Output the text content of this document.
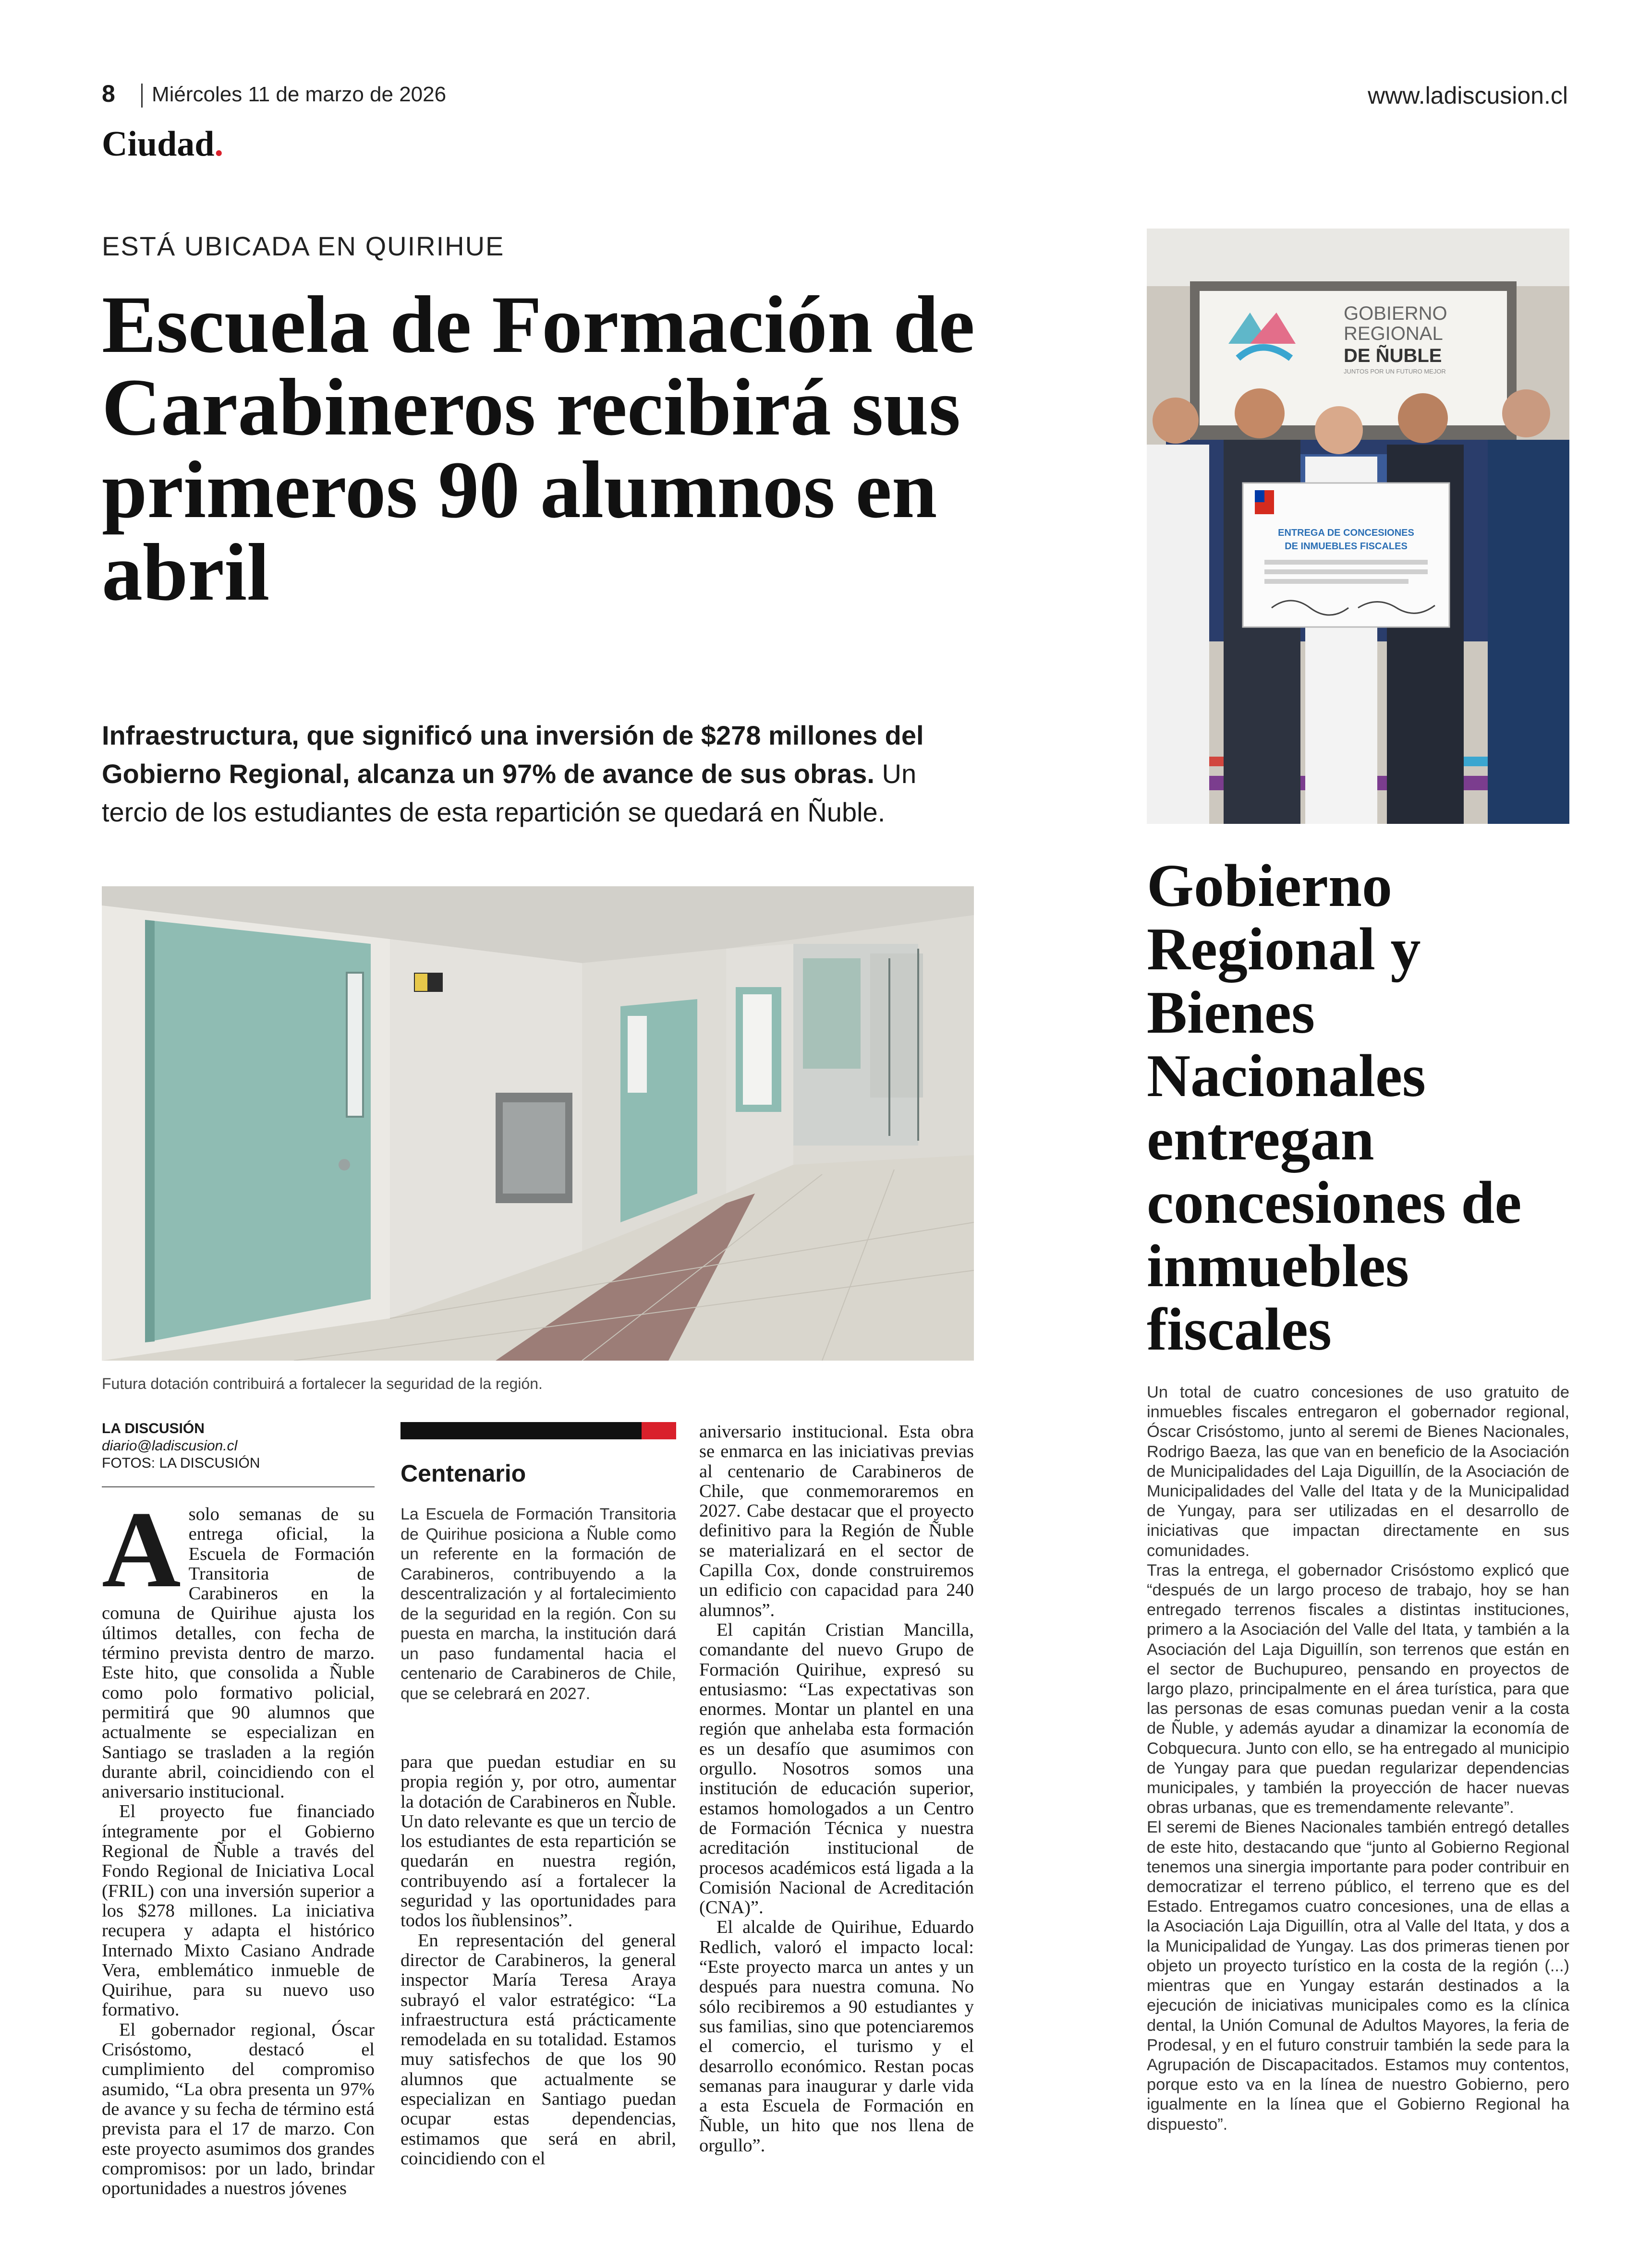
8 Miércoles 11 de marzo de 2026	www.ladiscusion.cl
Ciudad.
ESTÁ UBICADA EN QUIRIHUE
Escuela de Formación de Carabineros recibirá sus primeros 90 alumnos en abril

Infraestructura, que significó una inversión de $278 millones del Gobierno Regional, alcanza un 97% de avance de sus obras. Un tercio de los estudiantes de esta repartición se quedará en Ñuble.

Futura dotación contribuirá a fortalecer la seguridad de la región.
LA DISCUSIÓN
diario@ladiscusion.cl
FOTOS: LA DISCUSIÓN

A solo semanas de su entrega oficial, la Escuela de Formación Transitoria de Carabineros en la comuna de Quirihue ajusta los últimos detalles, con fecha de término prevista dentro de marzo. Este hito, que consolida a Ñuble como polo formativo policial, permitirá que 90 alumnos que actualmente se especializan en Santiago se trasladen a la región durante abril, coincidiendo con el aniversario institucional.

El proyecto fue financiado íntegramente por el Gobierno Regional de Ñuble a través del Fondo Regional de Iniciativa Local (FRIL) con una inversión superior a los $278 millones. La iniciativa recupera y adapta el histórico Internado Mixto Casiano Andrade Vera, emblemático inmueble de Quirihue, para su nuevo uso formativo.

El gobernador regional, Óscar Crisóstomo, destacó el cumplimiento del compromiso asumido, “La obra presenta un 97% de avance y su fecha de término está prevista para el 17 de marzo. Con este proyecto asumimos dos grandes compromisos: por un lado, brindar oportunidades a nuestros jóvenes

Centenario
La Escuela de Formación Transitoria de Quirihue posiciona a Ñuble como un referente en la formación de Carabineros, contribuyendo a la descentralización y al fortalecimiento de la seguridad en la región. Con su puesta en marcha, la institución dará un paso fundamental hacia el centenario de Carabineros de Chile, que se celebrará en 2027.

para que puedan estudiar en su propia región y, por otro, aumentar la dotación de Carabineros en Ñuble. Un dato relevante es que un tercio de los estudiantes de esta repartición se quedarán en nuestra región, contribuyendo así a fortalecer la seguridad y las oportunidades para todos los ñublensinos”.

En representación del general director de Carabineros, la general inspector María Teresa Araya subrayó el valor estratégico: “La infraestructura está prácticamente remodelada en su totalidad. Estamos muy satisfechos de que los 90 alumnos que actualmente se especializan en Santiago puedan ocupar estas dependencias, estimamos que será en abril, coincidiendo con el

aniversario institucional. Esta obra se enmarca en las iniciativas previas al centenario de Carabineros de Chile, que conmemoraremos en 2027. Cabe destacar que el proyecto definitivo para la Región de Ñuble se materializará en el sector de Capilla Cox, donde construiremos un edificio con capacidad para 240 alumnos”.

El capitán Cristian Mancilla, comandante del nuevo Grupo de Formación Quirihue, expresó su entusiasmo: “Las expectativas son enormes. Montar un plantel en una región que anhelaba esta formación es un desafío que asumimos con orgullo. Nosotros somos una institución de educación superior, estamos homologados a un Centro de Formación Técnica y nuestra acreditación institucional de procesos académicos está ligada a la Comisión Nacional de Acreditación (CNA)”.

El alcalde de Quirihue, Eduardo Redlich, valoró el impacto local: “Este proyecto marca un antes y un después para nuestra comuna. No sólo recibiremos a 90 estudiantes y sus familias, sino que potenciaremos el comercio, el turismo y el desarrollo económico. Restan pocas semanas para inaugurar y darle vida a esta Escuela de Formación en Ñuble, un hito que nos llena de orgullo”.

GOBIERNO
REGIONAL
DE ÑUBLE
JUNTOS POR UN FUTURO MEJOR
ENTREGA DE CONCESIONES
DE INMUEBLES FISCALES
Gobierno Regional y Bienes Nacionales entregan concesiones de inmuebles fiscales

Un total de cuatro concesiones de uso gratuito de inmuebles fiscales entregaron el gobernador regional, Óscar Crisóstomo, junto al seremi de Bienes Nacionales, Rodrigo Baeza, las que van en beneficio de la Asociación de Municipalidades del Laja Diguillín, de la Asociación de Municipalidades del Valle del Itata y de la Municipalidad de Yungay, para ser utilizadas en el desarrollo de iniciativas que impactan directamente en sus comunidades.

Tras la entrega, el gobernador Crisóstomo explicó que “después de un largo proceso de trabajo, hoy se han entregado terrenos fiscales a distintas instituciones, primero a la Asociación del Valle del Itata, y también a la Asociación del Laja Diguillín, son terrenos que están en el sector de Buchupureo, pensando en proyectos de largo plazo, principalmente en el área turística, para que las personas de esas comunas puedan venir a la costa de Ñuble, y además ayudar a dinamizar la economía de Cobquecura. Junto con ello, se ha entregado al municipio de Yungay para que puedan regularizar dependencias municipales, y también la proyección de hacer nuevas obras urbanas, que es tremendamente relevante”.

El seremi de Bienes Nacionales también entregó detalles de este hito, destacando que “junto al Gobierno Regional tenemos una sinergia importante para poder contribuir en democratizar el terreno público, el terreno que es del Estado. Entregamos cuatro concesiones, una de ellas a la Asociación Laja Diguillín, otra al Valle del Itata, y dos a la Municipalidad de Yungay. Las dos primeras tienen por objeto un proyecto turístico en la costa de la región (...) mientras que en Yungay estarán destinados a la ejecución de iniciativas municipales como es la clínica dental, la Unión Comunal de Adultos Mayores, la feria de Prodesal, y en el futuro construir también la sede para la Agrupación de Discapacitados. Estamos muy contentos, porque esto va en la línea de nuestro Gobierno, pero igualmente en la línea que el Gobierno Regional ha dispuesto”.
